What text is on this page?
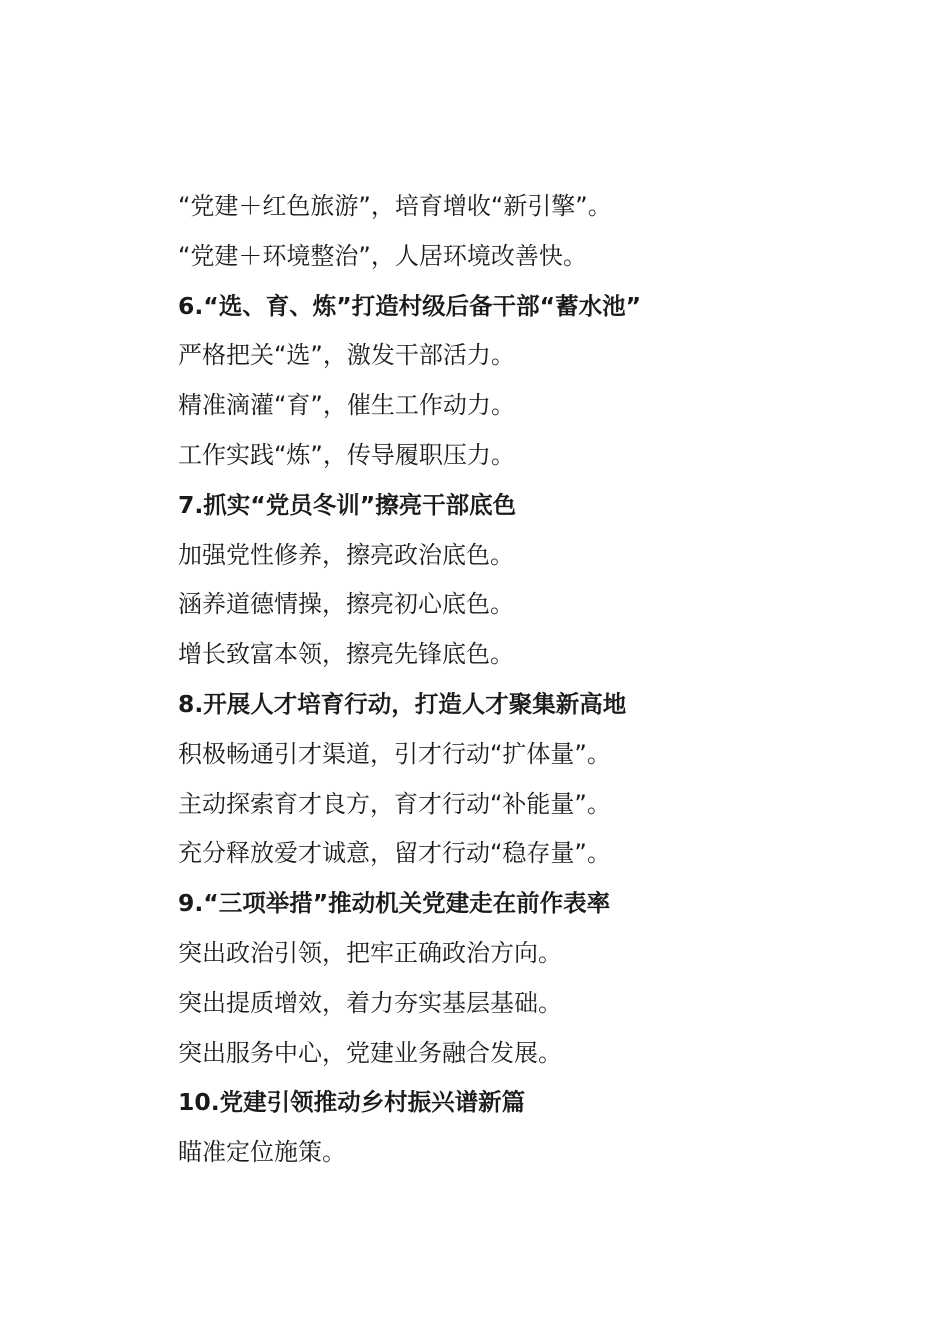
“党建＋红色旅游”，培育增收“新引擎”。
“党建＋环境整治”，人居环境改善快。
6.“选、育、炼”打造村级后备干部“蓄水池”
严格把关“选”，激发干部活力。
精准滴灌“育”，催生工作动力。
工作实践“炼”，传导履职压力。
7.抓实“党员冬训”擦亮干部底色
加强党性修养，擦亮政治底色。
涵养道德情操，擦亮初心底色。
增长致富本领，擦亮先锋底色。
8.开展人才培育行动，打造人才聚集新高地
积极畅通引才渠道，引才行动“扩体量”。
主动探索育才良方，育才行动“补能量”。
充分释放爱才诚意，留才行动“稳存量”。
9.“三项举措”推动机关党建走在前作表率
突出政治引领，把牢正确政治方向。
突出提质增效，着力夯实基层基础。
突出服务中心，党建业务融合发展。
10.党建引领推动乡村振兴谱新篇
瞄准定位施策。
